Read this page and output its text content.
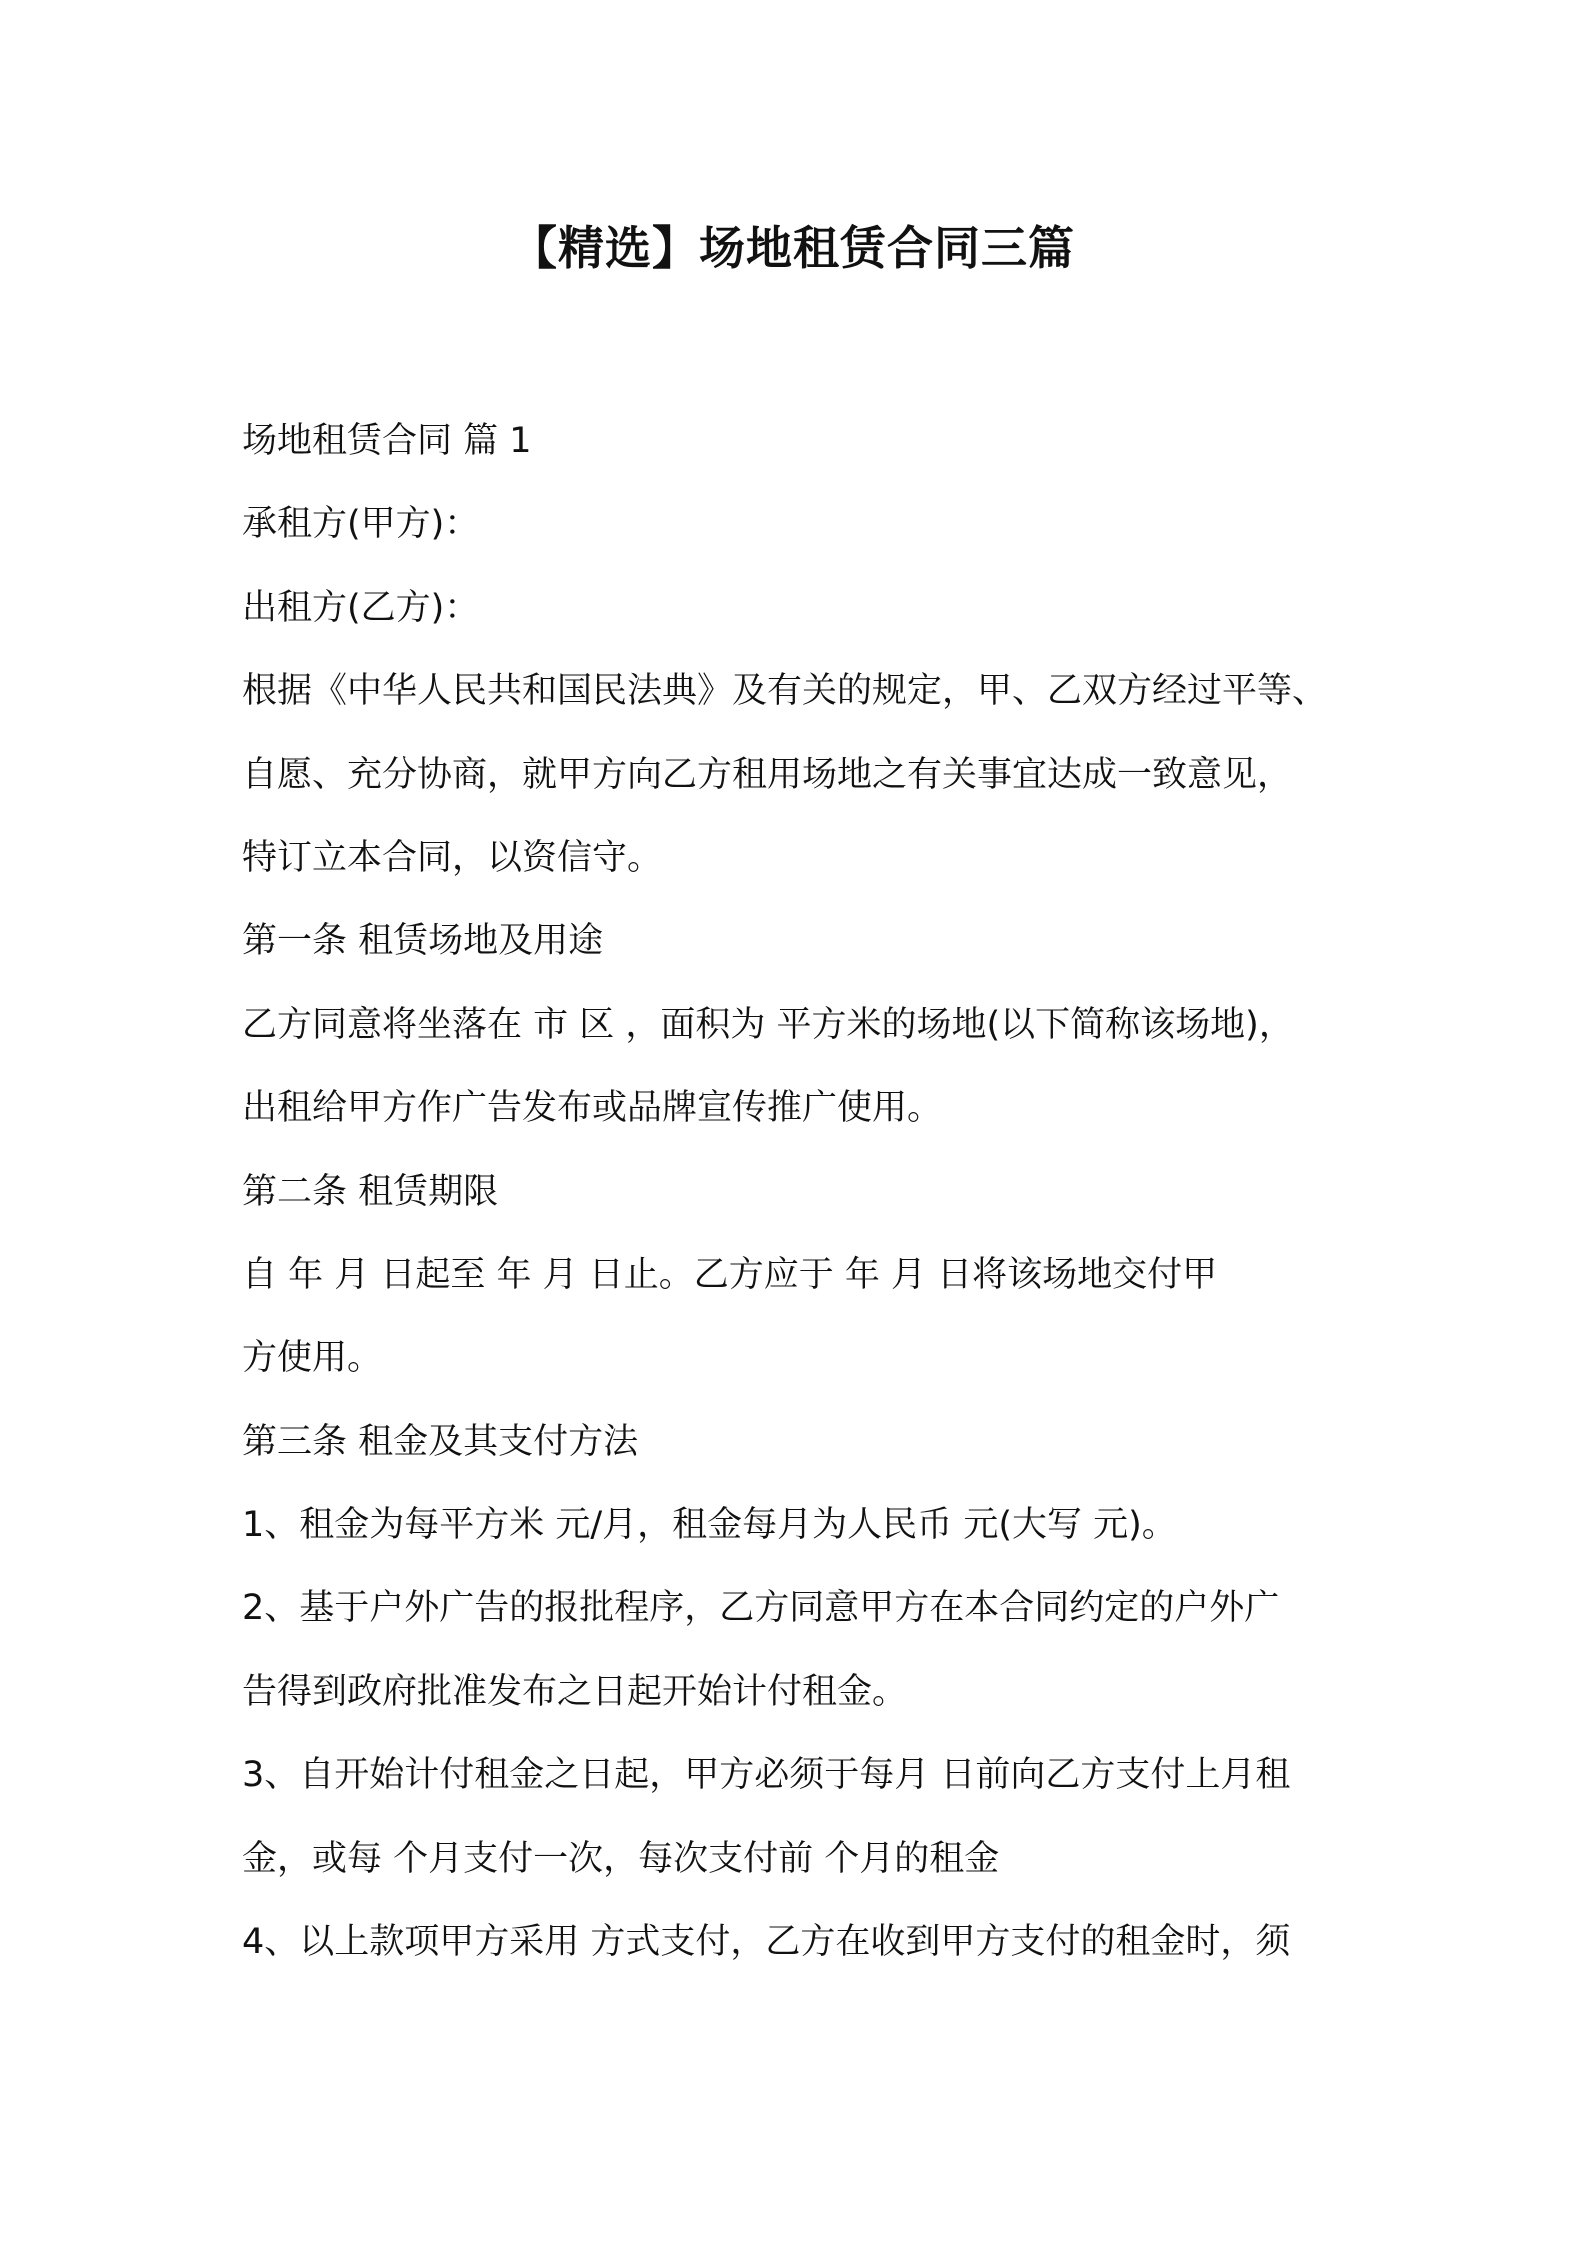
【精选】场地租赁合同三篇

场地租赁合同 篇 1

承租方(甲方)：

出租方(乙方)：

根据《中华人民共和国民法典》及有关的规定，甲、乙双方经过平等、

自愿、充分协商，就甲方向乙方租用场地之有关事宜达成一致意见，

特订立本合同，以资信守。

第一条 租赁场地及用途

乙方同意将坐落在 市 区 ，面积为 平方米的场地(以下简称该场地)，

出租给甲方作广告发布或品牌宣传推广使用。

第二条 租赁期限

自 年 月 日起至 年 月 日止。乙方应于 年 月 日将该场地交付甲

方使用。

第三条 租金及其支付方法

1、租金为每平方米 元/月，租金每月为人民币 元(大写 元)。

2、基于户外广告的报批程序，乙方同意甲方在本合同约定的户外广

告得到政府批准发布之日起开始计付租金。

3、自开始计付租金之日起，甲方必须于每月 日前向乙方支付上月租

金，或每 个月支付一次，每次支付前 个月的租金

4、以上款项甲方采用 方式支付，乙方在收到甲方支付的租金时，须
